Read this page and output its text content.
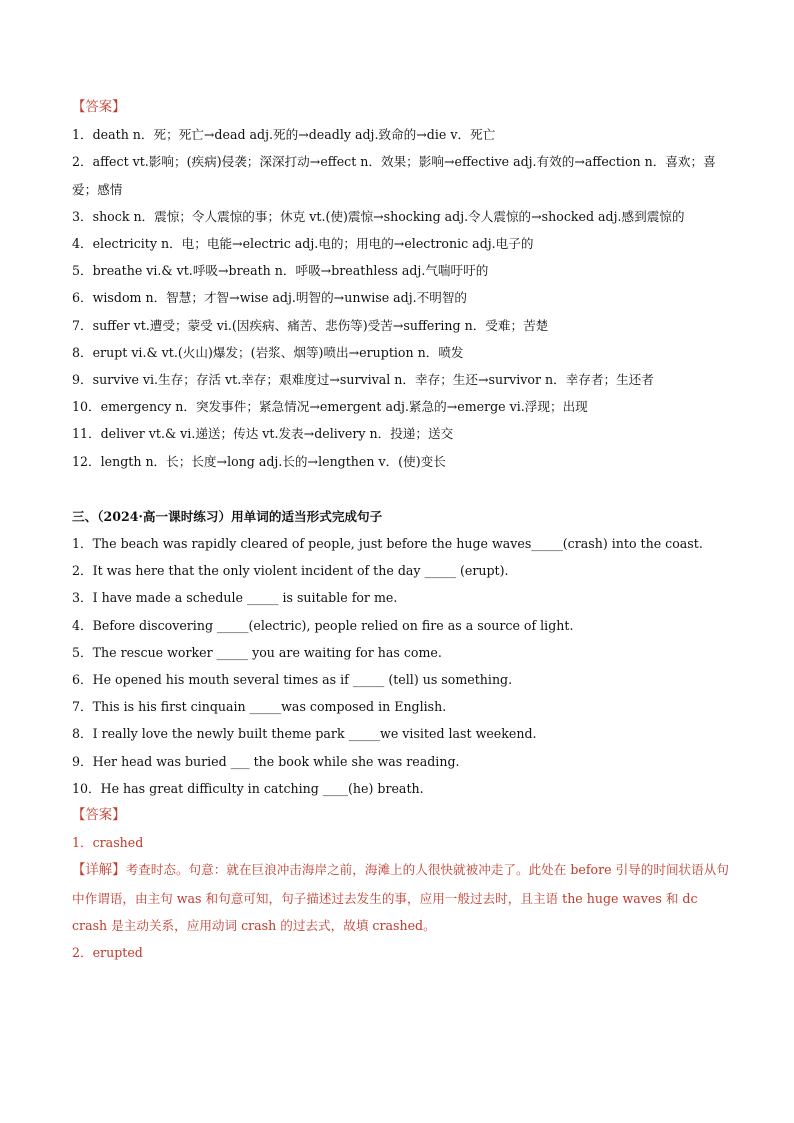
【答案】
1．death n．死；死亡→dead adj.死的→deadly adj.致命的→die v．死亡
2．affect vt.影响；(疾病)侵袭；深深打动→effect n．效果；影响→effective adj.有效的→affection n．喜欢；喜爱；感情
3．shock n．震惊；令人震惊的事；休克 vt.(使)震惊→shocking adj.令人震惊的→shocked adj.感到震惊的
4．electricity n．电；电能→electric adj.电的；用电的→electronic adj.电子的
5．breathe vi.& vt.呼吸→breath n．呼吸→breathless adj.气喘吁吁的
6．wisdom n．智慧；才智→wise adj.明智的→unwise adj.不明智的
7．suffer vt.遭受；蒙受 vi.(因疾病、痛苦、悲伤等)受苦→suffering n．受难；苦楚
8．erupt vi.& vt.(火山)爆发；(岩浆、烟等)喷出→eruption n．喷发
9．survive vi.生存；存活 vt.幸存；艰难度过→survival n．幸存；生还→survivor n．幸存者；生还者
10．emergency n．突发事件；紧急情况→emergent adj.紧急的→emerge vi.浮现；出现
11．deliver vt.& vi.递送；传达 vt.发表→delivery n．投递；送交
12．length n．长；长度→long adj.长的→lengthen v．(使)变长
三、（2024·高一课时练习）用单词的适当形式完成句子
1．The beach was rapidly cleared of people, just before the huge waves_____(crash) into the coast.
2．It was here that the only violent incident of the day _____ (erupt).
3．I have made a schedule _____ is suitable for me.
4．Before discovering _____(electric), people relied on fire as a source of light.
5．The rescue worker _____ you are waiting for has come.
6．He opened his mouth several times as if _____ (tell) us something.
7．This is his first cinquain _____was composed in English.
8．I really love the newly built theme park _____we visited last weekend.
9．Her head was buried ___ the book while she was reading.
10．He has great difficulty in catching ____(he) breath.
【答案】
1．crashed
【详解】考查时态。句意：就在巨浪冲击海岸之前，海滩上的人很快就被冲走了。此处在 before 引导的时间状语从句中作谓语，由主句 was 和句意可知，句子描述过去发生的事，应用一般过去时，且主语 the huge waves 和 dc crash 是主动关系，应用动词 crash 的过去式，故填 crashed。
2．erupted
